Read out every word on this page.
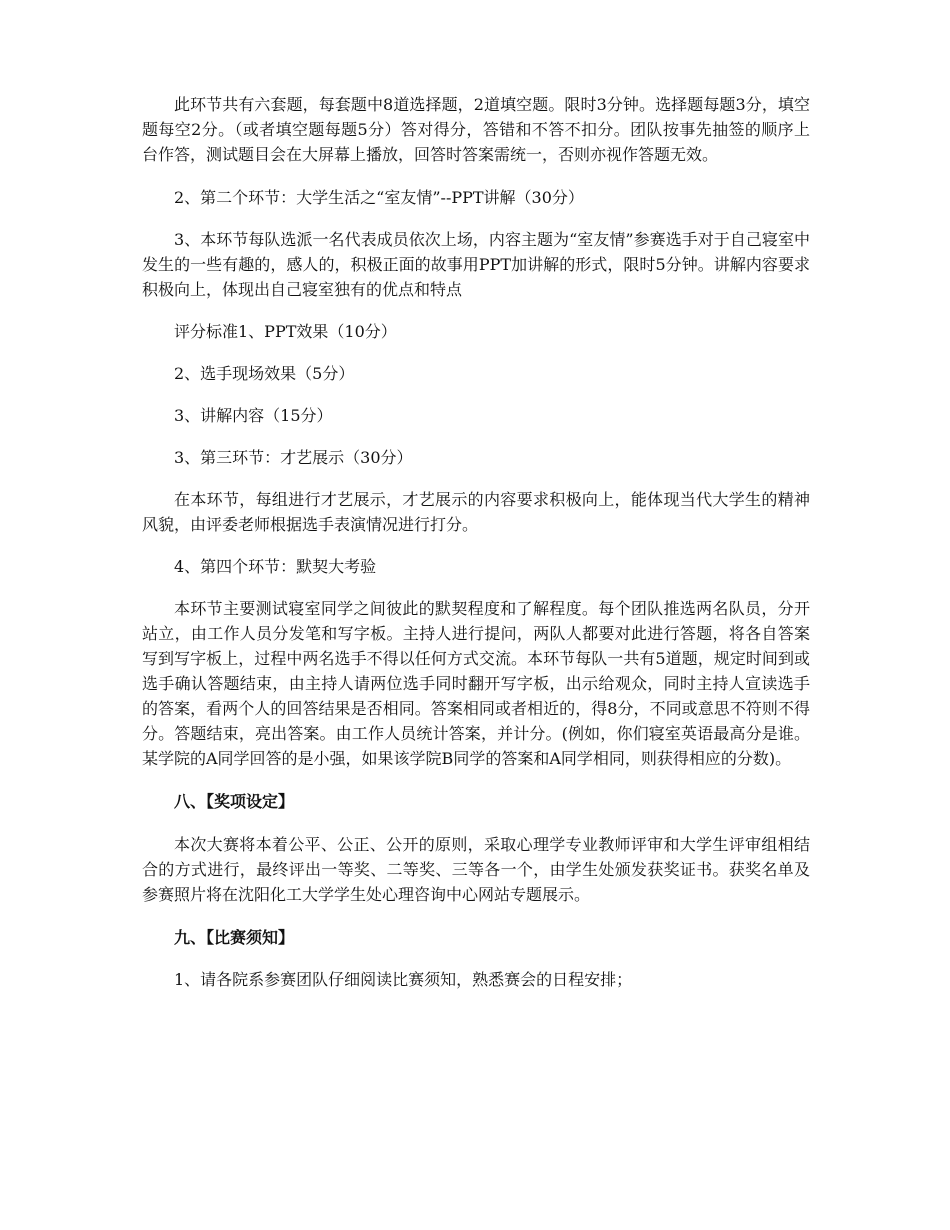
此环节共有六套题，每套题中8道选择题，2道填空题。限时3分钟。选择题每题3分，填空题每空2分。（或者填空题每题5分）答对得分，答错和不答不扣分。团队按事先抽签的顺序上台作答，测试题目会在大屏幕上播放，回答时答案需统一，否则亦视作答题无效。

2、第二个环节：大学生活之“室友情”--PPT讲解（30分）

3、本环节每队选派一名代表成员依次上场，内容主题为“室友情”参赛选手对于自己寝室中发生的一些有趣的，感人的，积极正面的故事用PPT加讲解的形式，限时5分钟。讲解内容要求积极向上，体现出自己寝室独有的优点和特点

评分标准1、PPT效果（10分）

2、选手现场效果（5分）

3、讲解内容（15分）

3、第三环节：才艺展示（30分）

在本环节，每组进行才艺展示，才艺展示的内容要求积极向上，能体现当代大学生的精神风貌，由评委老师根据选手表演情况进行打分。

4、第四个环节：默契大考验

本环节主要测试寝室同学之间彼此的默契程度和了解程度。每个团队推选两名队员，分开站立，由工作人员分发笔和写字板。主持人进行提问，两队人都要对此进行答题，将各自答案写到写字板上，过程中两名选手不得以任何方式交流。本环节每队一共有5道题，规定时间到或选手确认答题结束，由主持人请两位选手同时翻开写字板，出示给观众，同时主持人宣读选手的答案，看两个人的回答结果是否相同。答案相同或者相近的，得8分，不同或意思不符则不得分。答题结束，亮出答案。由工作人员统计答案，并计分。(例如，你们寝室英语最高分是谁。某学院的A同学回答的是小强，如果该学院B同学的答案和A同学相同，则获得相应的分数)。

八、【奖项设定】

本次大赛将本着公平、公正、公开的原则，采取心理学专业教师评审和大学生评审组相结合的方式进行，最终评出一等奖、二等奖、三等各一个，由学生处颁发获奖证书。获奖名单及参赛照片将在沈阳化工大学学生处心理咨询中心网站专题展示。

九、【比赛须知】

1、请各院系参赛团队仔细阅读比赛须知，熟悉赛会的日程安排；
